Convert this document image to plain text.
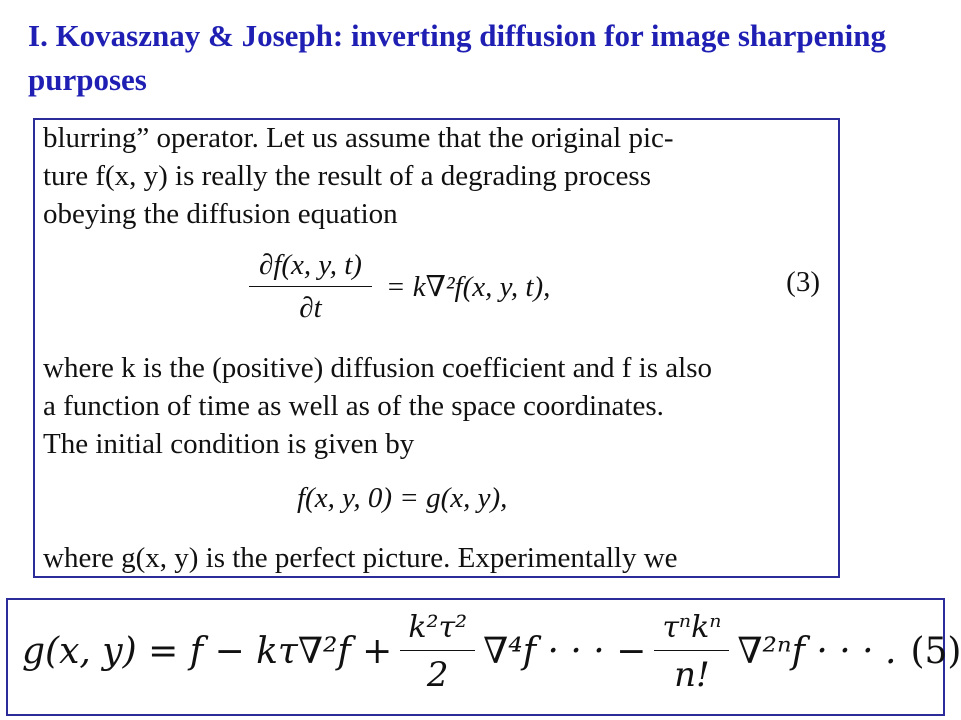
I. Kovasznay & Joseph: inverting diffusion for image sharpening purposes
blurring” operator. Let us assume that the original pic-
ture f(x, y) is really the result of a degrading process
obeying the diffusion equation
$\frac{\partial f(x, y, t)}{\partial t} = k\nabla^2f(x$, y, t),	(3)
where k is the (positive) diffusion coefficient and f is also
a function of time as well as of the space coordinates.
The initial condition is given by
f(x, y, 0) = g(x, y),
where g(x, y) is the perfect picture. Experimentally we
g(x, $y) = f - k\tau\nabla^2f + \frac{\text{k²τ²}}{2} \nabla^4f$ · · · − $\frac{\text{τⁿkⁿ}}{n!} \nabla^{2n}f$ · · · . (5)
